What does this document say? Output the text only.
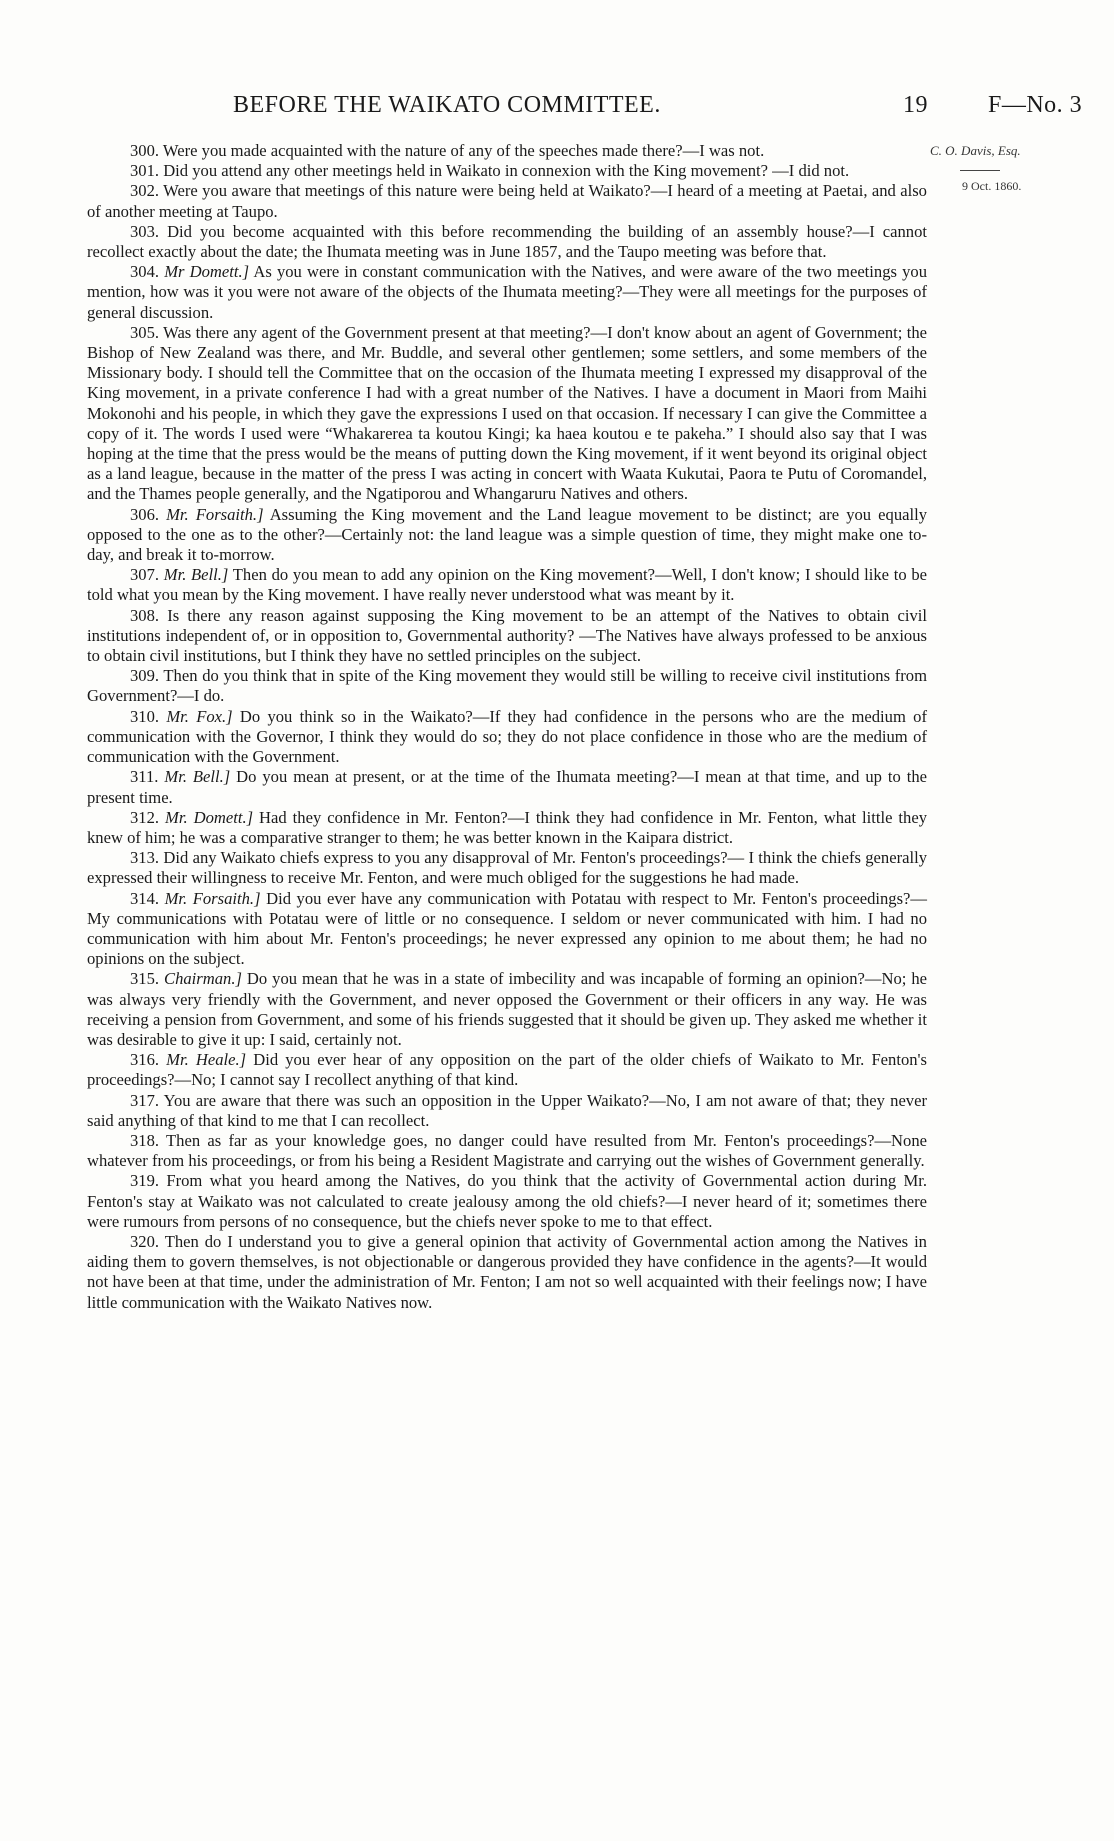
BEFORE THE WAIKATO COMMITTEE.	19	F—No. 3
C. O. Davis, Esq.
9 Oct. 1860.

300. Were you made acquainted with the nature of any of the speeches made there?—I was not.

301. Did you attend any other meetings held in Waikato in connexion with the King movement? —I did not.

302. Were you aware that meetings of this nature were being held at Waikato?—I heard of a meeting at Paetai, and also of another meeting at Taupo.

303. Did you become acquainted with this before recommending the building of an assembly house?—I cannot recollect exactly about the date; the Ihumata meeting was in June 1857, and the Taupo meeting was before that.

304. Mr Domett.] As you were in constant communication with the Natives, and were aware of the two meetings you mention, how was it you were not aware of the objects of the Ihumata meeting?—They were all meetings for the purposes of general discussion.

305. Was there any agent of the Government present at that meeting?—I don't know about an agent of Government; the Bishop of New Zealand was there, and Mr. Buddle, and several other gentlemen; some settlers, and some members of the Missionary body. I should tell the Committee that on the occasion of the Ihumata meeting I expressed my disapproval of the King movement, in a private conference I had with a great number of the Natives. I have a document in Maori from Maihi Mokonohi and his people, in which they gave the expressions I used on that occasion. If necessary I can give the Committee a copy of it. The words I used were “Whakarerea ta koutou Kingi; ka haea koutou e te pakeha.” I should also say that I was hoping at the time that the press would be the means of putting down the King movement, if it went beyond its original object as a land league, because in the matter of the press I was acting in concert with Waata Kukutai, Paora te Putu of Coromandel, and the Thames people generally, and the Ngatiporou and Whangaruru Natives and others.

306. Mr. Forsaith.] Assuming the King movement and the Land league movement to be distinct; are you equally opposed to the one as to the other?—Certainly not: the land league was a simple question of time, they might make one to-day, and break it to-morrow.

307. Mr. Bell.] Then do you mean to add any opinion on the King movement?—Well, I don't know; I should like to be told what you mean by the King movement. I have really never understood what was meant by it.

308. Is there any reason against supposing the King movement to be an attempt of the Natives to obtain civil institutions independent of, or in opposition to, Governmental authority? —The Natives have always professed to be anxious to obtain civil institutions, but I think they have no settled principles on the subject.

309. Then do you think that in spite of the King movement they would still be willing to receive civil institutions from Government?—I do.

310. Mr. Fox.] Do you think so in the Waikato?—If they had confidence in the persons who are the medium of communication with the Governor, I think they would do so; they do not place confidence in those who are the medium of communication with the Government.

311. Mr. Bell.] Do you mean at present, or at the time of the Ihumata meeting?—I mean at that time, and up to the present time.

312. Mr. Domett.] Had they confidence in Mr. Fenton?—I think they had confidence in Mr. Fenton, what little they knew of him; he was a comparative stranger to them; he was better known in the Kaipara district.

313. Did any Waikato chiefs express to you any disapproval of Mr. Fenton's proceedings?— I think the chiefs generally expressed their willingness to receive Mr. Fenton, and were much obliged for the suggestions he had made.

314. Mr. Forsaith.] Did you ever have any communication with Potatau with respect to Mr. Fenton's proceedings?—My communications with Potatau were of little or no consequence. I seldom or never communicated with him. I had no communication with him about Mr. Fenton's proceedings; he never expressed any opinion to me about them; he had no opinions on the subject.

315. Chairman.] Do you mean that he was in a state of imbecility and was incapable of forming an opinion?—No; he was always very friendly with the Government, and never opposed the Government or their officers in any way. He was receiving a pension from Government, and some of his friends suggested that it should be given up. They asked me whether it was desirable to give it up: I said, certainly not.

316. Mr. Heale.] Did you ever hear of any opposition on the part of the older chiefs of Waikato to Mr. Fenton's proceedings?—No; I cannot say I recollect anything of that kind.

317. You are aware that there was such an opposition in the Upper Waikato?—No, I am not aware of that; they never said anything of that kind to me that I can recollect.

318. Then as far as your knowledge goes, no danger could have resulted from Mr. Fenton's proceedings?—None whatever from his proceedings, or from his being a Resident Magistrate and carrying out the wishes of Government generally.

319. From what you heard among the Natives, do you think that the activity of Governmental action during Mr. Fenton's stay at Waikato was not calculated to create jealousy among the old chiefs?—I never heard of it; sometimes there were rumours from persons of no consequence, but the chiefs never spoke to me to that effect.

320. Then do I understand you to give a general opinion that activity of Governmental action among the Natives in aiding them to govern themselves, is not objectionable or dangerous provided they have confidence in the agents?—It would not have been at that time, under the administration of Mr. Fenton; I am not so well acquainted with their feelings now; I have little communication with the Waikato Natives now.
